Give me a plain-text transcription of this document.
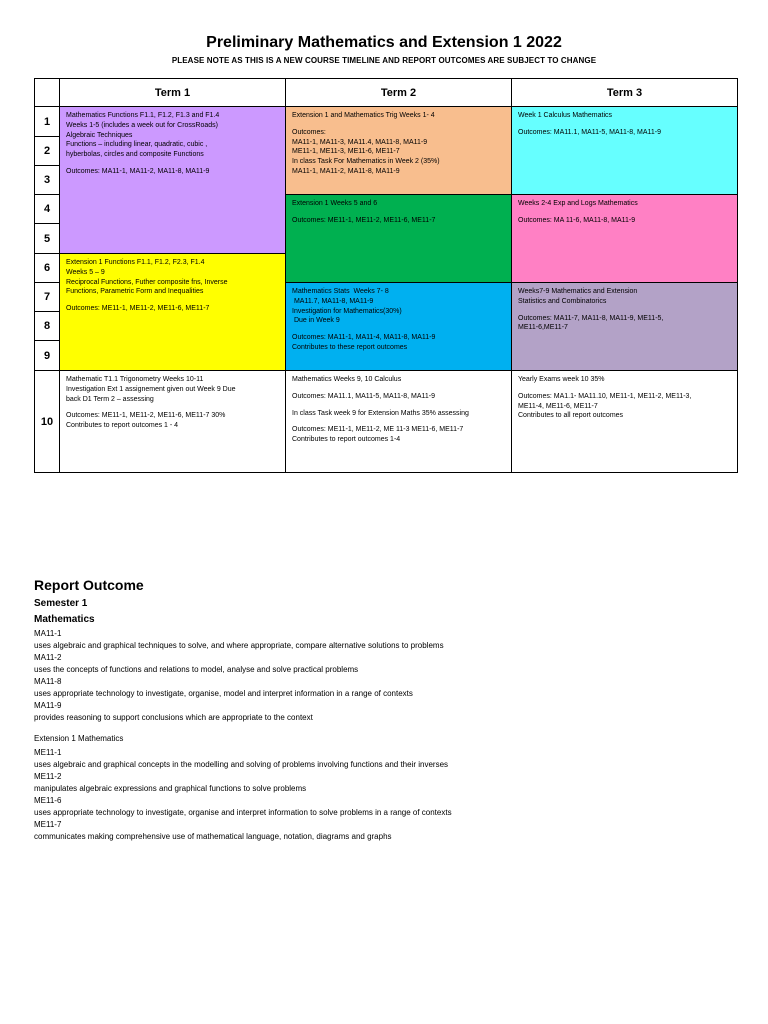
Preliminary Mathematics and Extension 1 2022
PLEASE NOTE AS THIS IS A NEW COURSE TIMELINE AND REPORT OUTCOMES ARE SUBJECT TO CHANGE
Term 1	Term 2	Term 3
1
2
3
4
5
6
7
8
9
10
Mathematics Functions F1.1, F1.2, F1.3 and F1.4
Weeks 1-5 (includes a week out for CrossRoads)
Algebraic Techniques
Functions – including linear, quadratic, cubic ,
hyberbolas, circles and composite Functions
Outcomes: MA11-1, MA11-2, MA11-8, MA11-9
Extension 1 Functions F1.1, F1.2, F2.3, F1.4
Weeks 5 – 9
Reciprocal Functions, Futher composite fns, Inverse
Functions, Parametric Form and Inequalities
Outcomes: ME11-1, ME11-2, ME11-6, ME11-7
Mathematic T1.1 Trigonometry Weeks 10-11
Investigation Ext 1 assignement given out Week 9 Due
back D1 Term 2 – assessing
Outcomes: ME11-1, ME11-2, ME11-6, ME11-7 30%
Contributes to report outcomes 1 - 4
Extension 1 and Mathematics Trig Weeks 1- 4
Outcomes:
MA11-1, MA11-3, MA11.4, MA11-8, MA11-9
ME11-1, ME11-3, ME11-6, ME11-7
In class Task For Mathematics in Week 2 (35%)
MA11-1, MA11-2, MA11-8, MA11-9
Extension 1 Weeks 5 and 6
Outcomes: ME11-1, ME11-2, ME11-6, ME11-7
Mathematics Stats  Weeks 7- 8
MA11.7, MA11-8, MA11-9
Investigation for Mathematics(30%)
Due in Week 9
Outcomes: MA11-1, MA11-4, MA11-8, MA11-9
Contributes to these report outcomes
Mathematics Weeks 9, 10 Calculus
Outcomes: MA11.1, MA11-5, MA11-8, MA11-9
In class Task week 9 for Extension Maths 35% assessing
Outcomes: ME11-1, ME11-2, ME 11-3 ME11-6, ME11-7
Contributes to report outcomes 1-4
Week 1 Calculus Mathematics
Outcomes: MA11.1, MA11-5, MA11-8, MA11-9
Weeks 2-4 Exp and Logs Mathematics
Outcomes: MA 11-6, MA11-8, MA11-9
Weeks7-9 Mathematics and Extension
Statistics and Combinatorics
Outcomes: MA11-7, MA11-8, MA11-9, ME11-5,
ME11-6,ME11-7
Yearly Exams week 10 35%
Outcomes: MA1.1- MA11.10, ME11-1, ME11-2, ME11-3,
ME11-4, ME11-6, ME11-7
Contributes to all report outcomes
Report Outcome
Semester 1
Mathematics
MA11-1
uses algebraic and graphical techniques to solve, and where appropriate, compare alternative solutions to problems
MA11-2
uses the concepts of functions and relations to model, analyse and solve practical problems
MA11-8
uses appropriate technology to investigate, organise, model and interpret information in a range of contexts
MA11-9
provides reasoning to support conclusions which are appropriate to the context
Extension 1 Mathematics
ME11-1
uses algebraic and graphical concepts in the modelling and solving of problems involving functions and their inverses
ME11-2
manipulates algebraic expressions and graphical functions to solve problems
ME11-6
uses appropriate technology to investigate, organise and interpret information to solve problems in a range of contexts
ME11-7
communicates making comprehensive use of mathematical language, notation, diagrams and graphs
